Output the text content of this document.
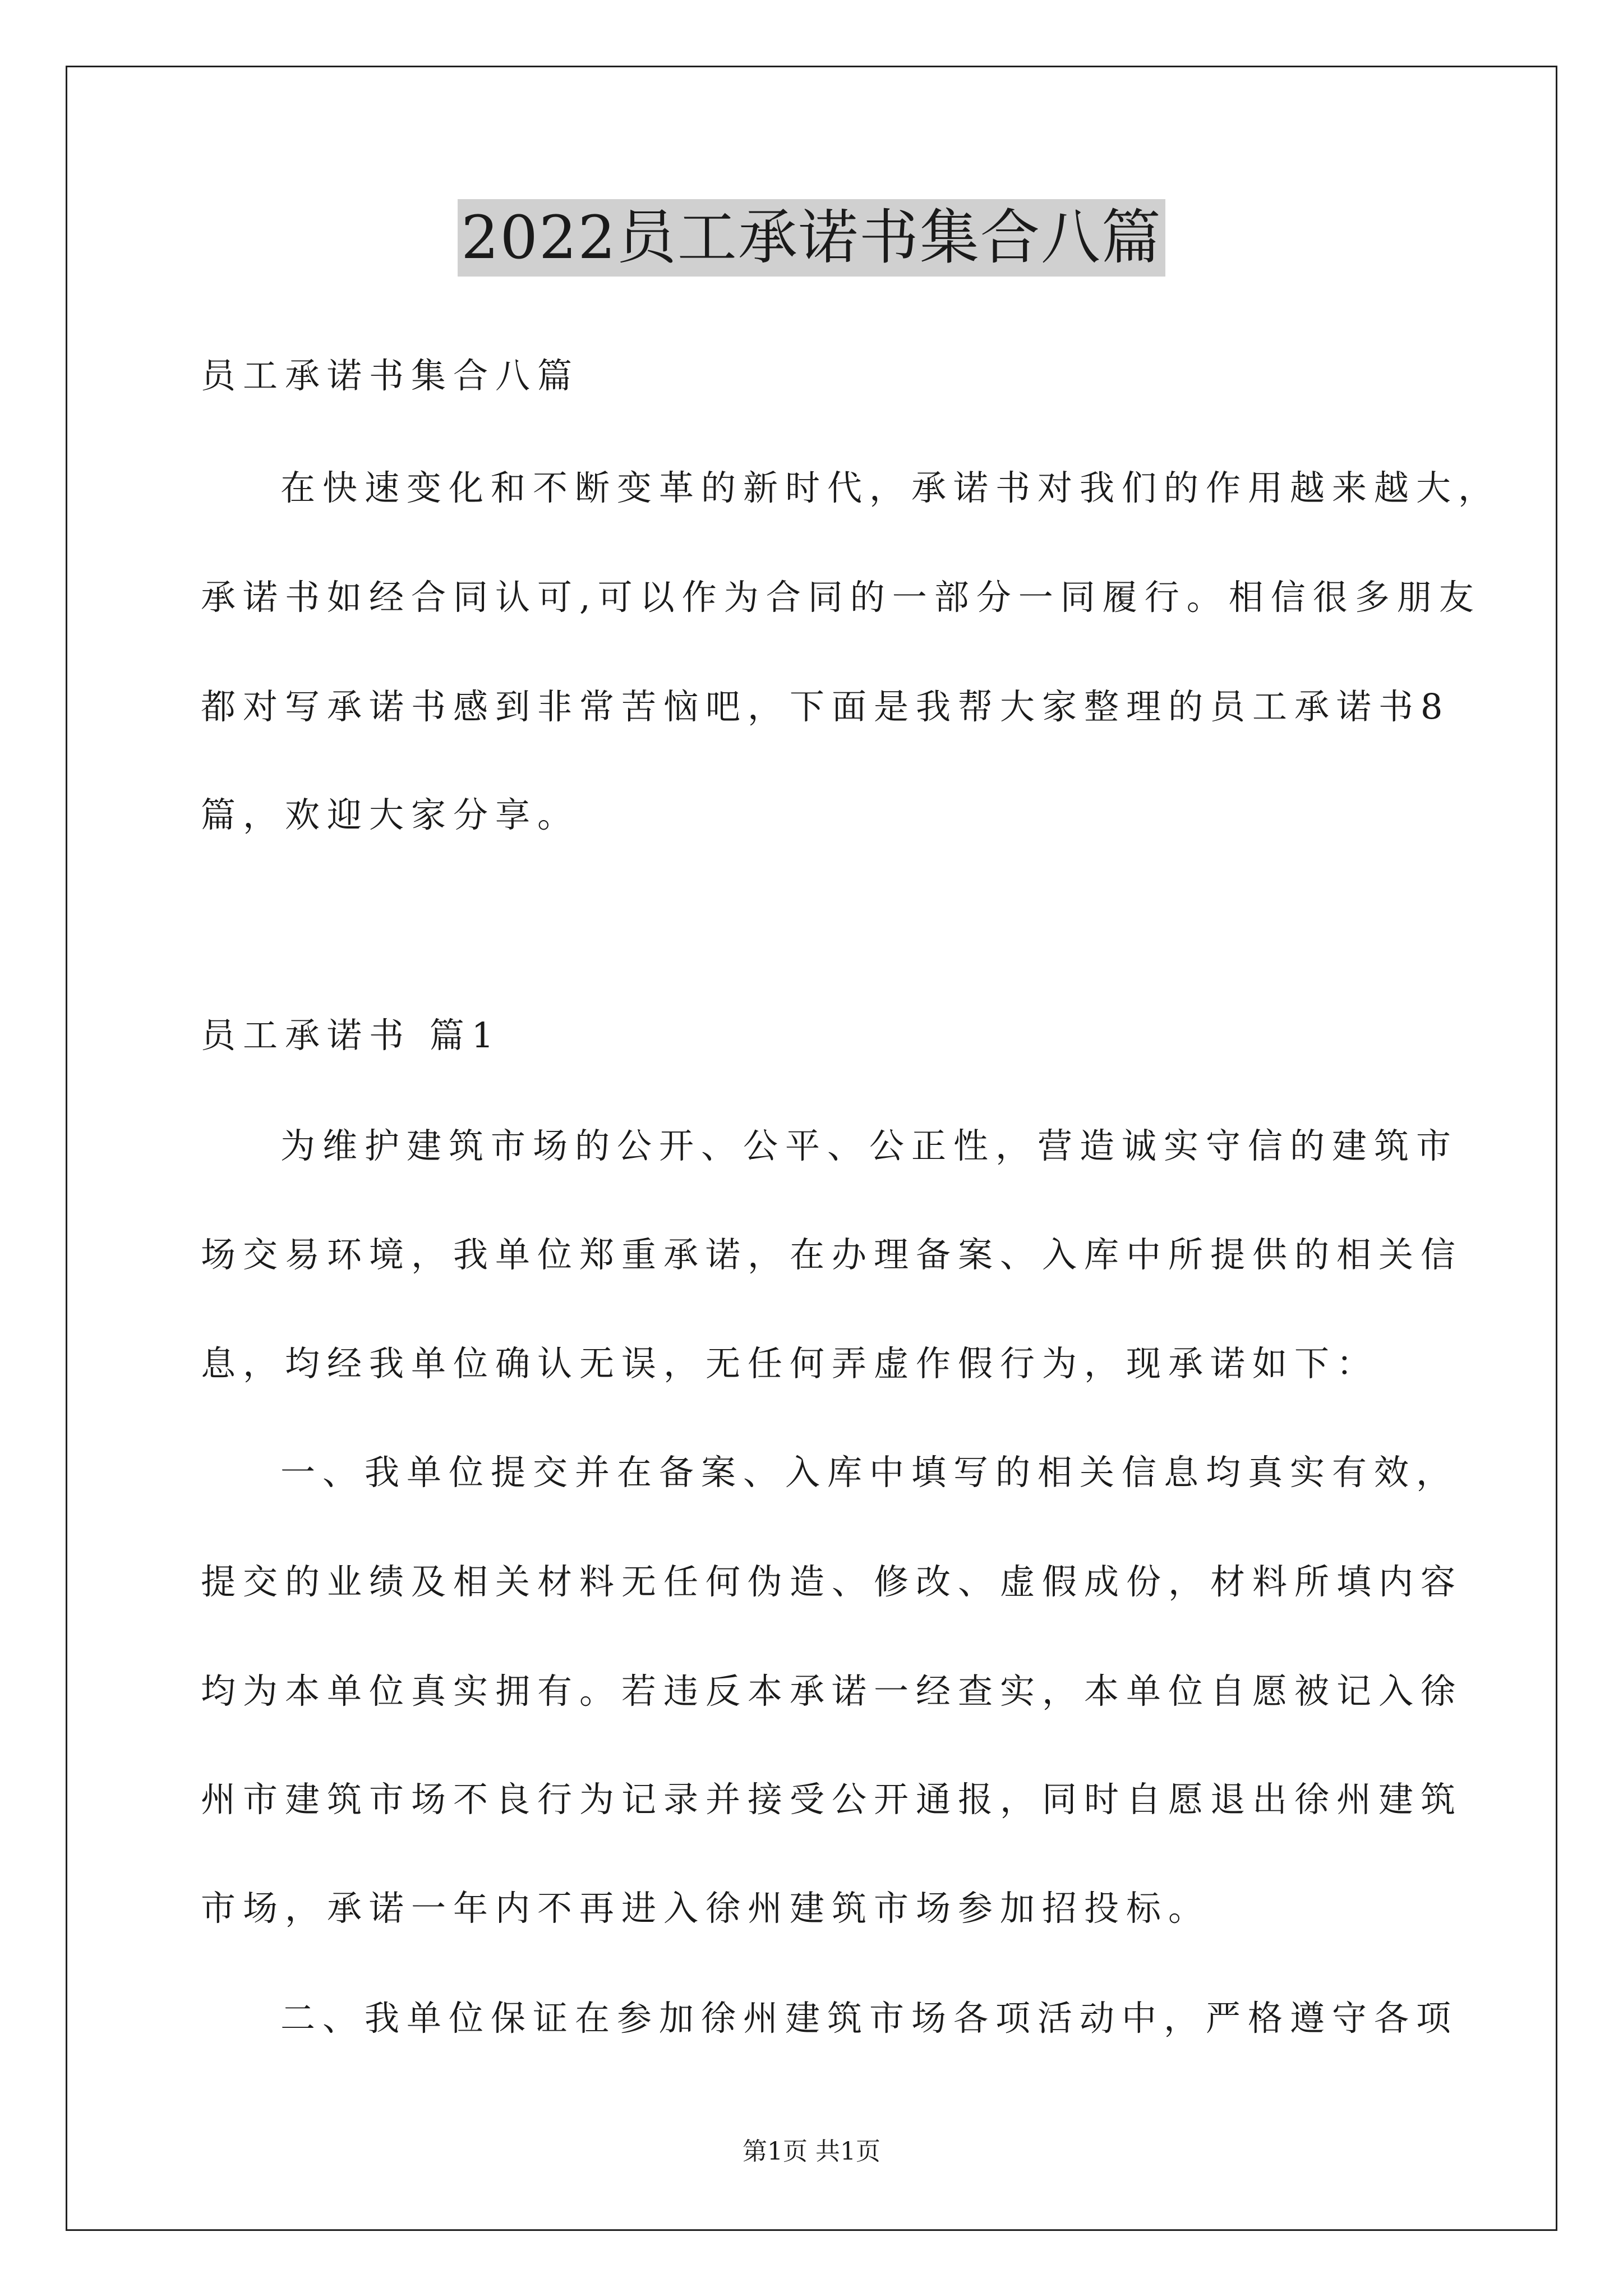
2022员工承诺书集合八篇
员工承诺书集合八篇
在快速变化和不断变革的新时代，承诺书对我们的作用越来越大，
承诺书如经合同认可,可以作为合同的一部分一同履行。相信很多朋友
都对写承诺书感到非常苦恼吧，下面是我帮大家整理的员工承诺书8
篇，欢迎大家分享。
员工承诺书 篇1
为维护建筑市场的公开、公平、公正性，营造诚实守信的建筑市
场交易环境，我单位郑重承诺，在办理备案、入库中所提供的相关信
息，均经我单位确认无误，无任何弄虚作假行为，现承诺如下：
一、我单位提交并在备案、入库中填写的相关信息均真实有效，
提交的业绩及相关材料无任何伪造、修改、虚假成份，材料所填内容
均为本单位真实拥有。若违反本承诺一经查实，本单位自愿被记入徐
州市建筑市场不良行为记录并接受公开通报，同时自愿退出徐州建筑
市场，承诺一年内不再进入徐州建筑市场参加招投标。
二、我单位保证在参加徐州建筑市场各项活动中，严格遵守各项
第1页 共1页
